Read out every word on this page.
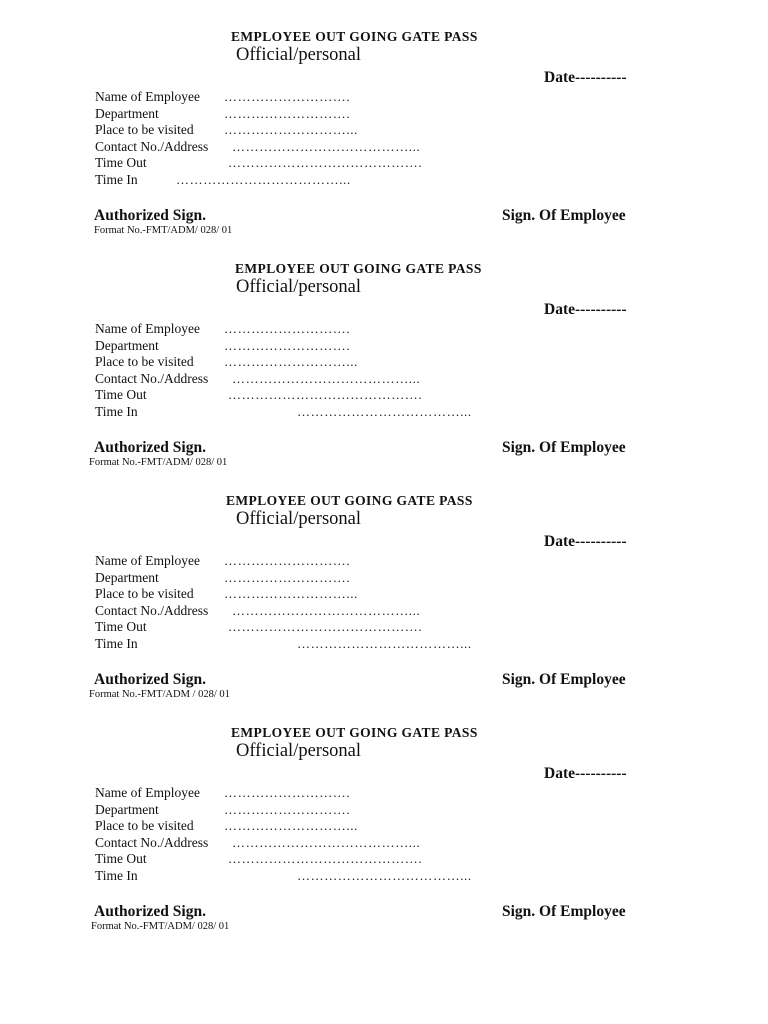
EMPLOYEE OUT GOING GATE PASS
Official/personal
Date----------
Name of Employee ……………………….
Department	……………………….
Place to be visited ………………………...
Contact No./Address …………………………………...
Time Out	…………………………………….
Time In	………………………………...
Authorized Sign.	Sign. Of Employee
Format No.-FMT/ADM/ 028/ 01
EMPLOYEE OUT GOING GATE PASS
Official/personal
Date----------
Name of Employee ……………………….
Department	……………………….
Place to be visited ………………………...
Contact No./Address …………………………………...
Time Out	…………………………………….
Time In	………………………………...
Authorized Sign.	Sign. Of Employee
Format No.-FMT/ADM/ 028/ 01
EMPLOYEE OUT GOING GATE PASS
Official/personal
Date----------
Name of Employee ……………………….
Department	……………………….
Place to be visited ………………………...
Contact No./Address …………………………………...
Time Out	…………………………………….
Time In	………………………………...
Authorized Sign.	Sign. Of Employee
Format No.-FMT/ADM / 028/ 01
EMPLOYEE OUT GOING GATE PASS
Official/personal
Date----------
Name of Employee ……………………….
Department	……………………….
Place to be visited ………………………...
Contact No./Address …………………………………...
Time Out	…………………………………….
Time In	………………………………...
Authorized Sign.	Sign. Of Employee
Format No.-FMT/ADM/ 028/ 01
